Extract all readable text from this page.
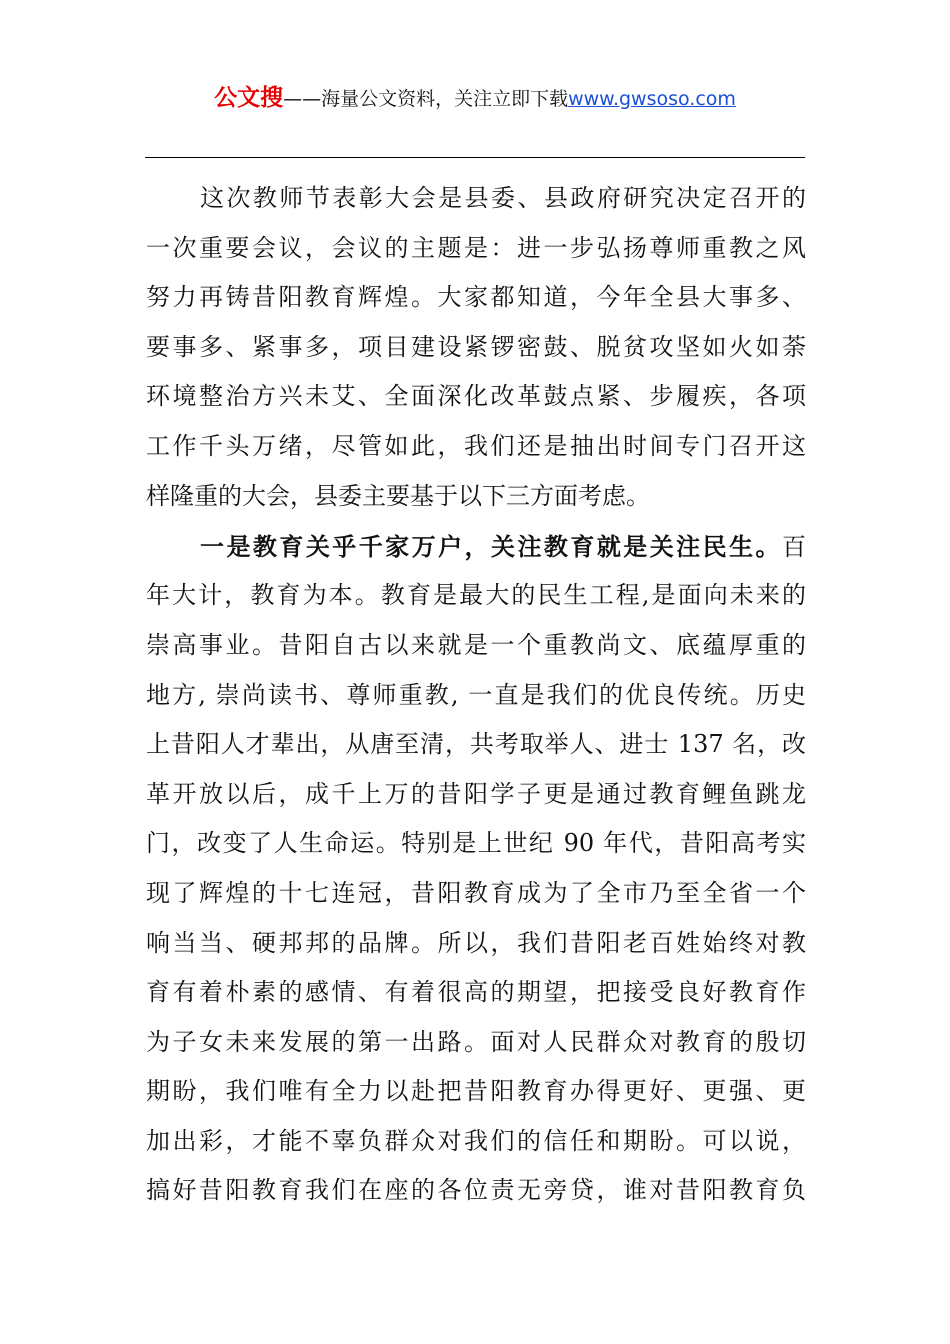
公文搜——海量公文资料，关注立即下载www.gwsoso.com
这次教师节表彰大会是县委、县政府研究决定召开的
一次重要会议，会议的主题是：进一步弘扬尊师重教之风
努力再铸昔阳教育辉煌。大家都知道，今年全县大事多、
要事多、紧事多，项目建设紧锣密鼓、脱贫攻坚如火如荼
环境整治方兴未艾、全面深化改革鼓点紧、步履疾，各项
工作千头万绪，尽管如此，我们还是抽出时间专门召开这
样隆重的大会，县委主要基于以下三方面考虑。
一是教育关乎千家万户，关注教育就是关注民生。百
年大计，教育为本。教育是最大的民生工程,是面向未来的
崇高事业。昔阳自古以来就是一个重教尚文、底蕴厚重的
地方, 崇尚读书、尊师重教, 一直是我们的优良传统。历史
上昔阳人才辈出，从唐至清，共考取举人、进士 137 名，改
革开放以后，成千上万的昔阳学子更是通过教育鲤鱼跳龙
门，改变了人生命运。特别是上世纪 90 年代，昔阳高考实
现了辉煌的十七连冠，昔阳教育成为了全市乃至全省一个
响当当、硬邦邦的品牌。所以，我们昔阳老百姓始终对教
育有着朴素的感情、有着很高的期望，把接受良好教育作
为子女未来发展的第一出路。面对人民群众对教育的殷切
期盼，我们唯有全力以赴把昔阳教育办得更好、更强、更
加出彩，才能不辜负群众对我们的信任和期盼。可以说，
搞好昔阳教育我们在座的各位责无旁贷，谁对昔阳教育负
